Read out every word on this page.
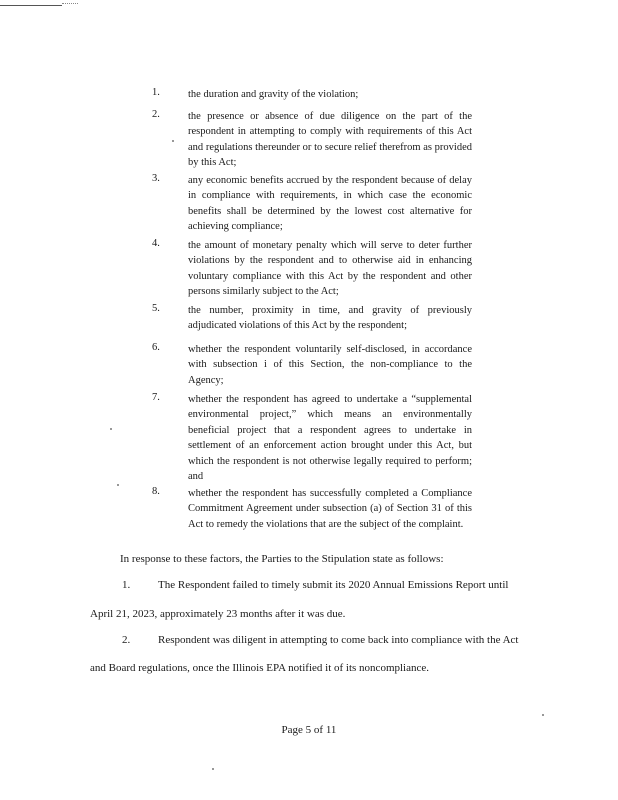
1.	the duration and gravity of the violation;
2.	the presence or absence of due diligence on the part of the respondent in attempting to comply with requirements of this Act and regulations thereunder or to secure relief therefrom as provided by this Act;
3.	any economic benefits accrued by the respondent because of delay in compliance with requirements, in which case the economic benefits shall be determined by the lowest cost alternative for achieving compliance;
4.	the amount of monetary penalty which will serve to deter further violations by the respondent and to otherwise aid in enhancing voluntary compliance with this Act by the respondent and other persons similarly subject to the Act;
5.	the number, proximity in time, and gravity of previously adjudicated violations of this Act by the respondent;
6.	whether the respondent voluntarily self-disclosed, in accordance with subsection i of this Section, the non-compliance to the Agency;
7.	whether the respondent has agreed to undertake a “supplemental environmental project,” which means an environmentally beneficial project that a respondent agrees to undertake in settlement of an enforcement action brought under this Act, but which the respondent is not otherwise legally required to perform; and
8.	whether the respondent has successfully completed a Compliance Commitment Agreement under subsection (a) of Section 31 of this Act to remedy the violations that are the subject of the complaint.
In response to these factors, the Parties to the Stipulation state as follows:
1.	The Respondent failed to timely submit its 2020 Annual Emissions Report until
April 21, 2023, approximately 23 months after it was due.
2.	Respondent was diligent in attempting to come back into compliance with the Act
and Board regulations, once the Illinois EPA notified it of its noncompliance.
Page 5 of 11
